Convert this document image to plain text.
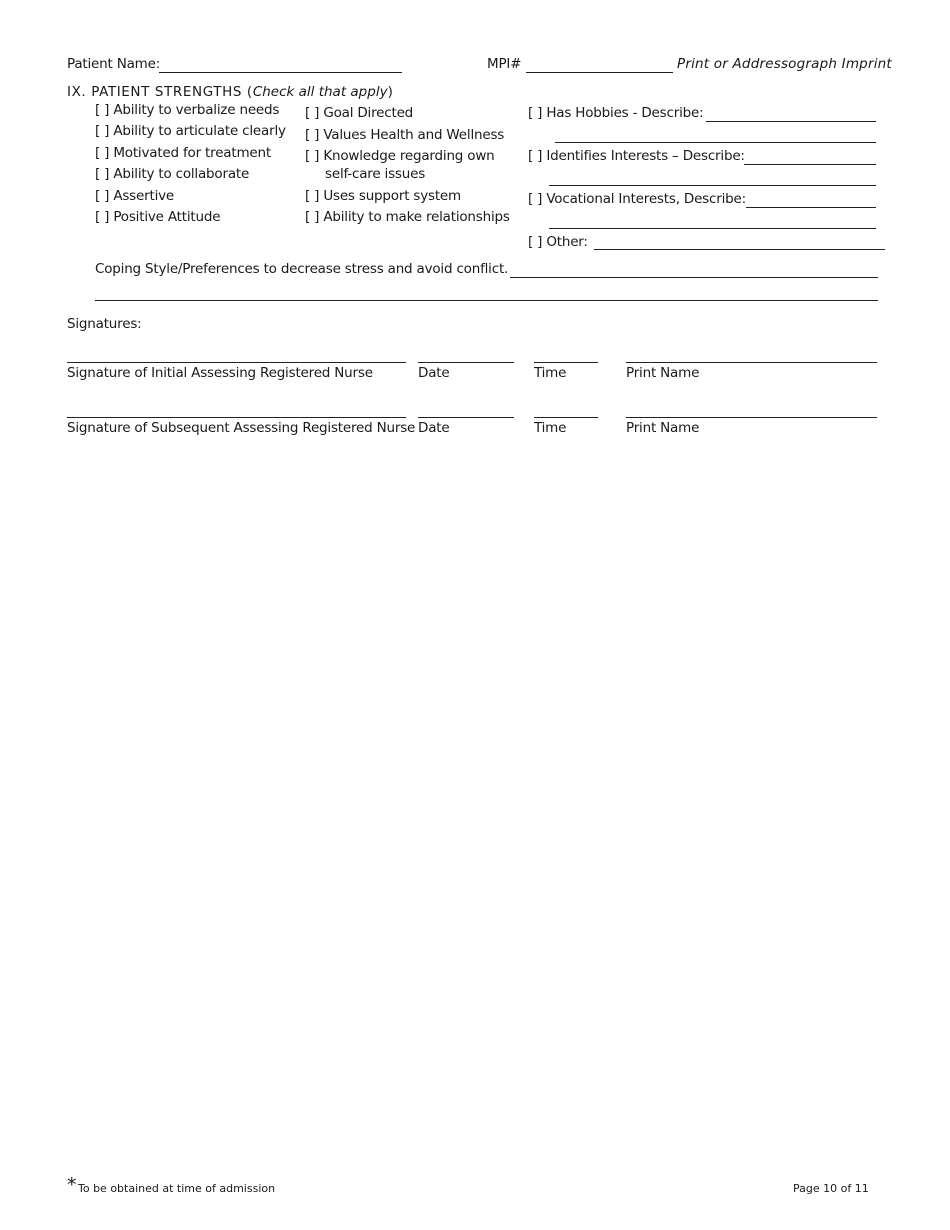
Patient Name:	MPI#	Print or Addressograph Imprint
IX. PATIENT STRENGTHS (Check all that apply)
[ ] Ability to verbalize needs
[ ] Ability to articulate clearly
[ ] Motivated for treatment
[ ] Ability to collaborate
[ ] Assertive
[ ] Positive Attitude
[ ] Goal Directed
[ ] Values Health and Wellness
[ ] Knowledge regarding own
self-care issues
[ ] Uses support system
[ ] Ability to make relationships
[ ] Has Hobbies - Describe:
[ ] Identifies Interests – Describe:
[ ] Vocational Interests, Describe:
[ ] Other:
Coping Style/Preferences to decrease stress and avoid conflict.
Signatures:
Signature of Initial Assessing Registered Nurse	Date	Time	Print Name
Signature of Subsequent Assessing Registered Nurse Date	Time	Print Name
* To be obtained at time of admission	Page 10 of 11
